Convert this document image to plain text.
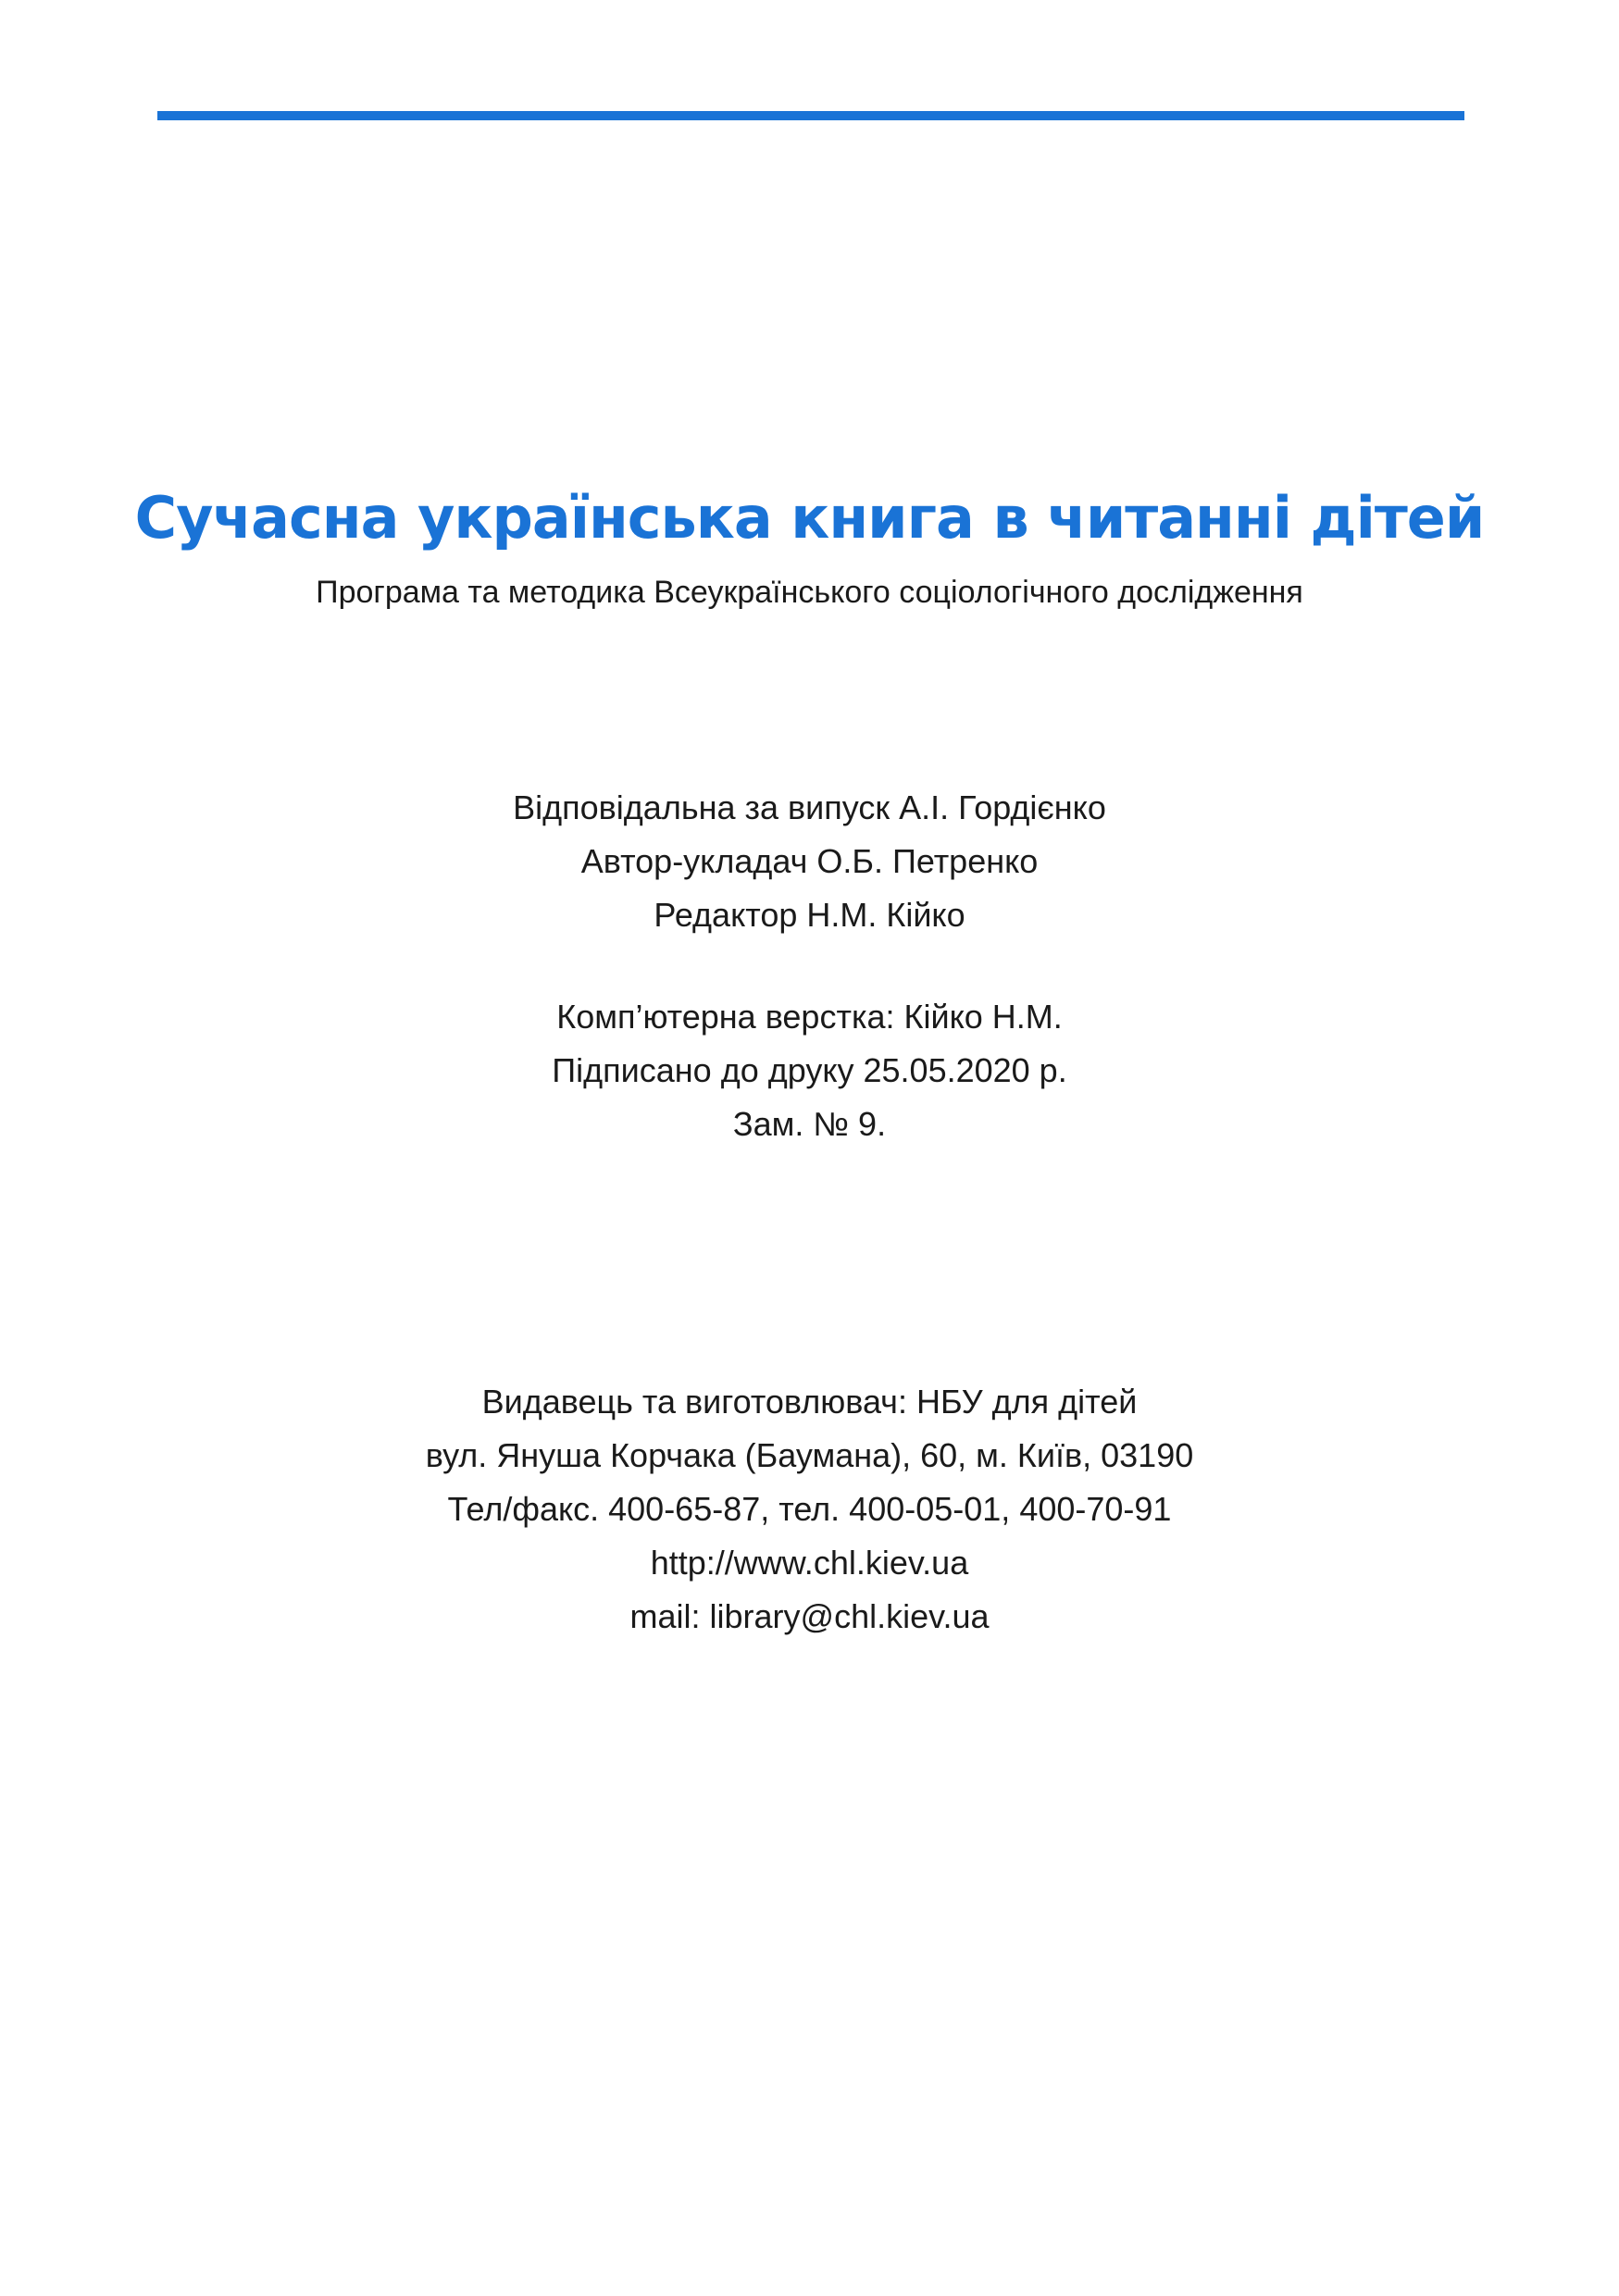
Сучасна українська книга в читанні дітей
Програма та методика Всеукраїнського соціологічного дослідження
Відповідальна за випуск А.І. Гордієнко
Автор-укладач О.Б. Петренко
Редактор Н.М. Кійко
Комп’ютерна верстка: Кійко Н.М.
Підписано до друку 25.05.2020 р.
Зам. № 9.
Видавець та виготовлювач: НБУ для дітей
вул. Януша Корчака (Баумана), 60, м. Київ, 03190
Тел/факс. 400-65-87, тел. 400-05-01, 400-70-91
http://www.chl.kiev.ua
mail: library@chl.kiev.ua
